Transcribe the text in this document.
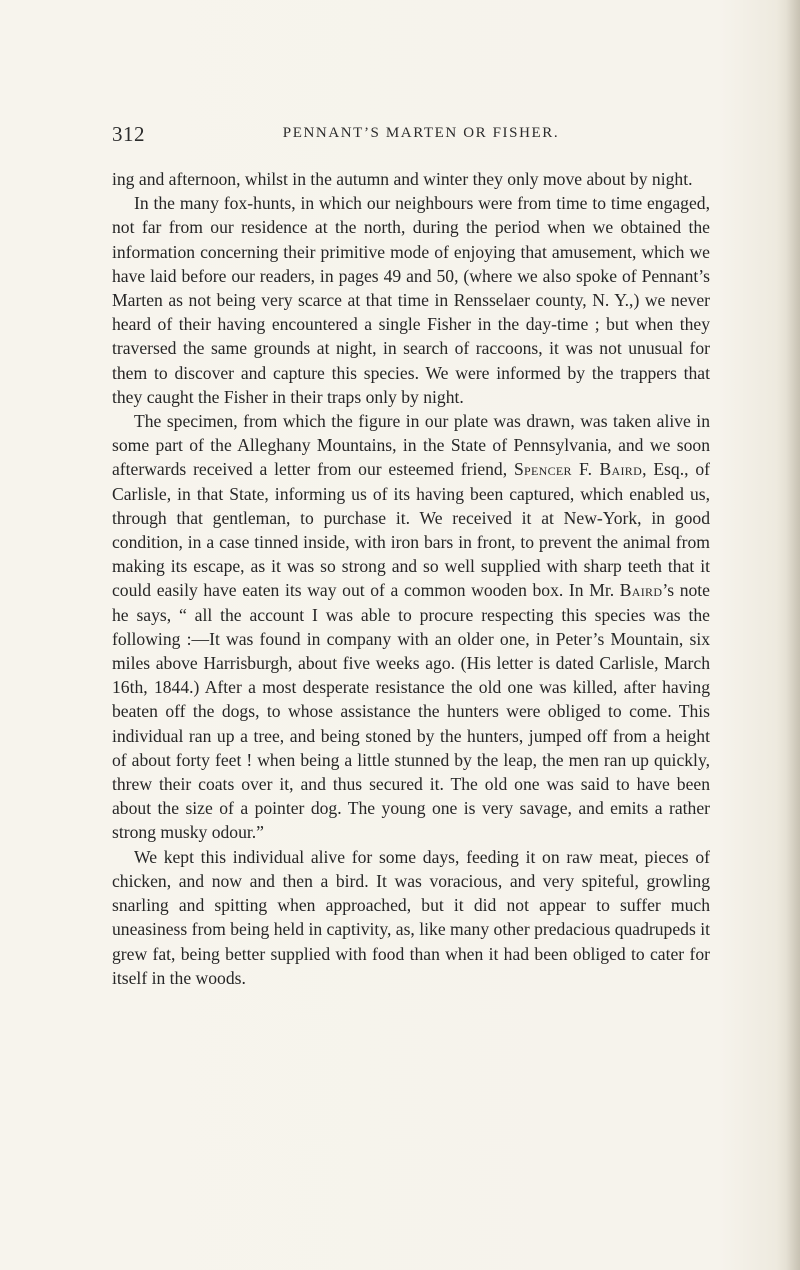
312	PENNANT’S MARTEN OR FISHER.

ing and afternoon, whilst in the autumn and winter they only move about by night.

In the many fox-hunts, in which our neighbours were from time to time engaged, not far from our residence at the north, during the period when we obtained the information concerning their primitive mode of enjoying that amusement, which we have laid before our readers, in pages 49 and 50, (where we also spoke of Pennant’s Marten as not being very scarce at that time in Rensselaer county, N. Y.,) we never heard of their having encountered a single Fisher in the day-time ; but when they traversed the same grounds at night, in search of raccoons, it was not unusual for them to discover and capture this species. We were informed by the trappers that they caught the Fisher in their traps only by night.

The specimen, from which the figure in our plate was drawn, was taken alive in some part of the Alleghany Mountains, in the State of Pennsylvania, and we soon afterwards received a letter from our esteemed friend, Spencer F. Baird, Esq., of Carlisle, in that State, informing us of its having been captured, which enabled us, through that gentleman, to purchase it. We received it at New-York, in good condition, in a case tinned inside, with iron bars in front, to prevent the animal from making its escape, as it was so strong and so well supplied with sharp teeth that it could easily have eaten its way out of a common wooden box. In Mr. Baird’s note he says, “ all the account I was able to procure respecting this species was the following :—It was found in company with an older one, in Peter’s Mountain, six miles above Harrisburgh, about five weeks ago. (His letter is dated Carlisle, March 16th, 1844.) After a most desperate resistance the old one was killed, after having beaten off the dogs, to whose assistance the hunters were obliged to come. This individual ran up a tree, and being stoned by the hunters, jumped off from a height of about forty feet ! when being a little stunned by the leap, the men ran up quickly, threw their coats over it, and thus secured it. The old one was said to have been about the size of a pointer dog. The young one is very savage, and emits a rather strong musky odour.”

We kept this individual alive for some days, feeding it on raw meat, pieces of chicken, and now and then a bird. It was voracious, and very spiteful, growling snarling and spitting when approached, but it did not appear to suffer much uneasiness from being held in captivity, as, like many other predacious quadrupeds it grew fat, being better supplied with food than when it had been obliged to cater for itself in the woods.
